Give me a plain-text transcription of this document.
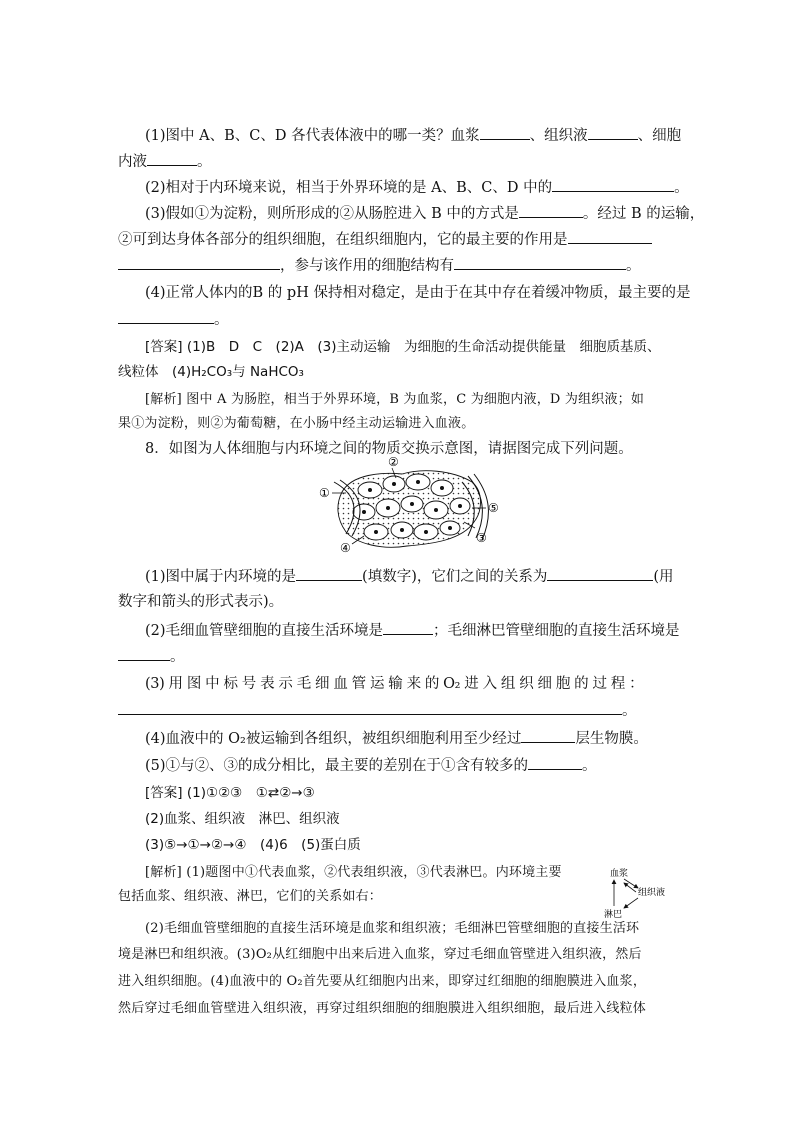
(1)图中 A、B、C、D 各代表体液中的哪一类？血浆	、组织液	、细胞
内液	。
(2)相对于内环境来说，相当于外界环境的是 A、B、C、D 中的	。
(3)假如①为淀粉，则所形成的②从肠腔进入 B 中的方式是	。经过 B 的运输，
②可到达身体各部分的组织细胞，在组织细胞内，它的最主要的作用是
，参与该作用的细胞结构有	。
(4)正常人体内的B 的 pH 保持相对稳定，是由于在其中存在着缓冲物质，最主要的是
。
[答案] (1)B　D　C　(2)A　(3)主动运输　为细胞的生命活动提供能量　细胞质基质、
线粒体　(4)H₂CO₃与 NaHCO₃
[解析] 图中 A 为肠腔，相当于外界环境，B 为血浆，C 为细胞内液，D 为组织液；如
果①为淀粉，则②为葡萄糖，在小肠中经主动运输进入血液。
8．如图为人体细胞与内环境之间的物质交换示意图，请据图完成下列问题。
①
②
③
④
⑤
(1)图中属于内环境的是	(填数字)，它们之间的关系为	(用
数字和箭头的形式表示)。
(2)毛细血管壁细胞的直接生活环境是	；毛细淋巴管壁细胞的直接生活环境是
。
(3) 用 图 中 标 号 表 示 毛 细 血 管 运 输 来 的 O₂ 进 入 组 织 细 胞 的 过 程 ：
。
(4)血液中的 O₂被运输到各组织，被组织细胞利用至少经过	层生物膜。
(5)①与②、③的成分相比，最主要的差别在于①含有较多的	。
[答案] (1)①②③　①⇄②→③
(2)血浆、组织液　淋巴、组织液
(3)⑤→①→②→④　(4)6　(5)蛋白质
[解析] (1)题图中①代表血浆，②代表组织液，③代表淋巴。内环境主要
包括血浆、组织液、淋巴，它们的关系如右：
血浆
组织液
淋巴
(2)毛细血管壁细胞的直接生活环境是血浆和组织液；毛细淋巴管壁细胞的直接生活环
境是淋巴和组织液。(3)O₂从红细胞中出来后进入血浆，穿过毛细血管壁进入组织液，然后
进入组织细胞。(4)血液中的 O₂首先要从红细胞内出来，即穿过红细胞的细胞膜进入血浆，
然后穿过毛细血管壁进入组织液，再穿过组织细胞的细胞膜进入组织细胞，最后进入线粒体
